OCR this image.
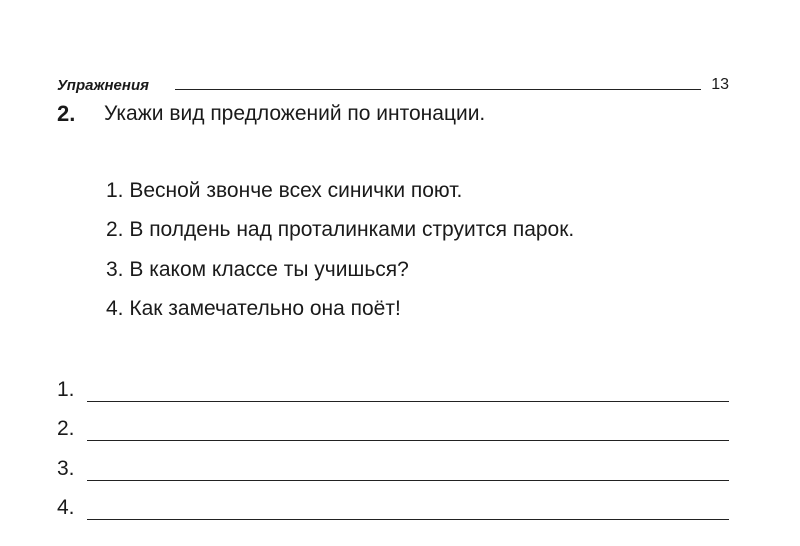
Упражнения	13
2. Укажи вид предложений по интонации.
1. Весной звонче всех синички поют.
2. В полдень над проталинками струится парок.
3. В каком классе ты учишься?
4. Как замечательно она поёт!
1.
2.
3.
4.
